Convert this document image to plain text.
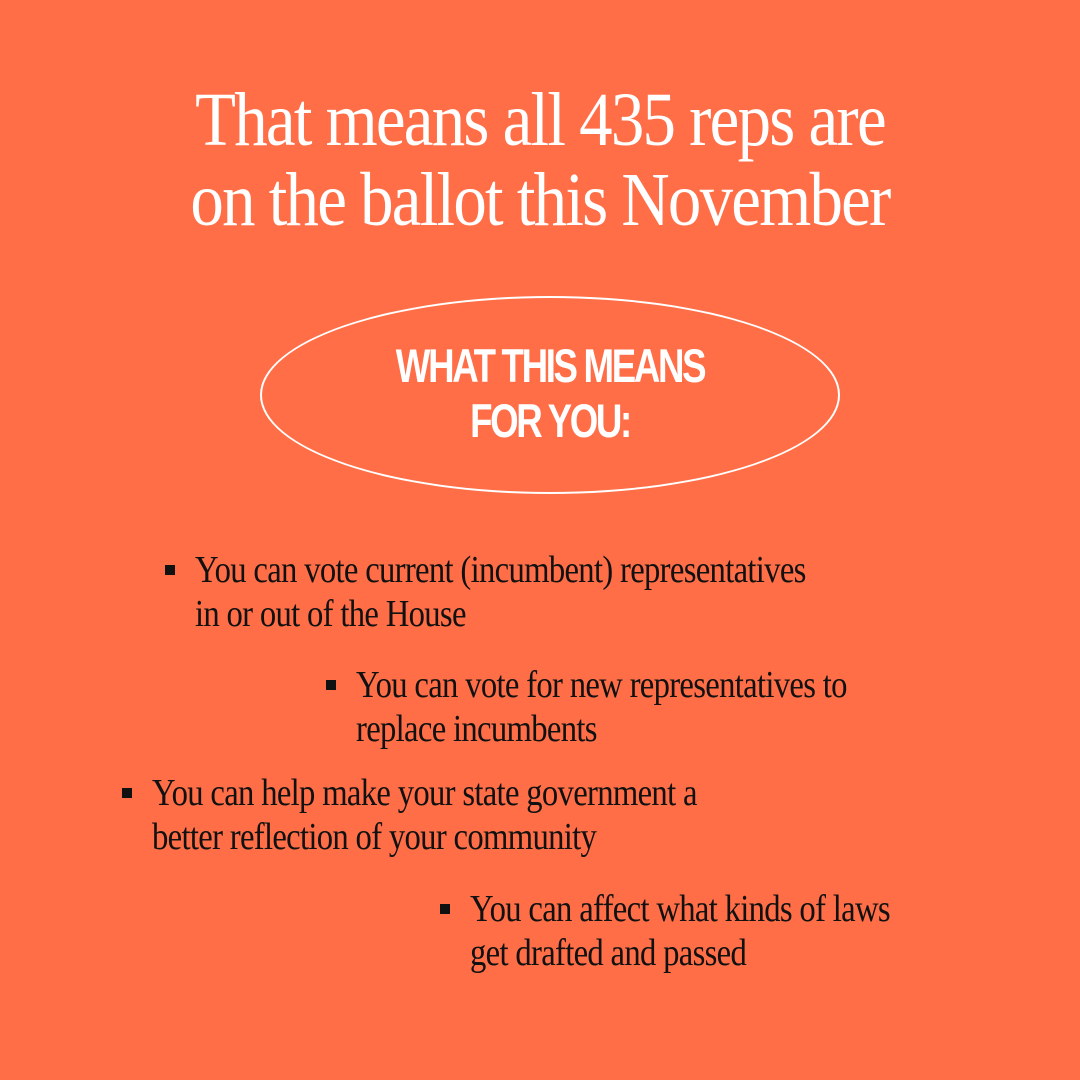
That means all 435 reps are
on the ballot this November

WHAT THIS MEANS
FOR YOU:

You can vote current (incumbent) representatives
in or out of the House
You can vote for new representatives to
replace incumbents
You can help make your state government a
better reflection of your community
You can affect what kinds of laws
get drafted and passed
